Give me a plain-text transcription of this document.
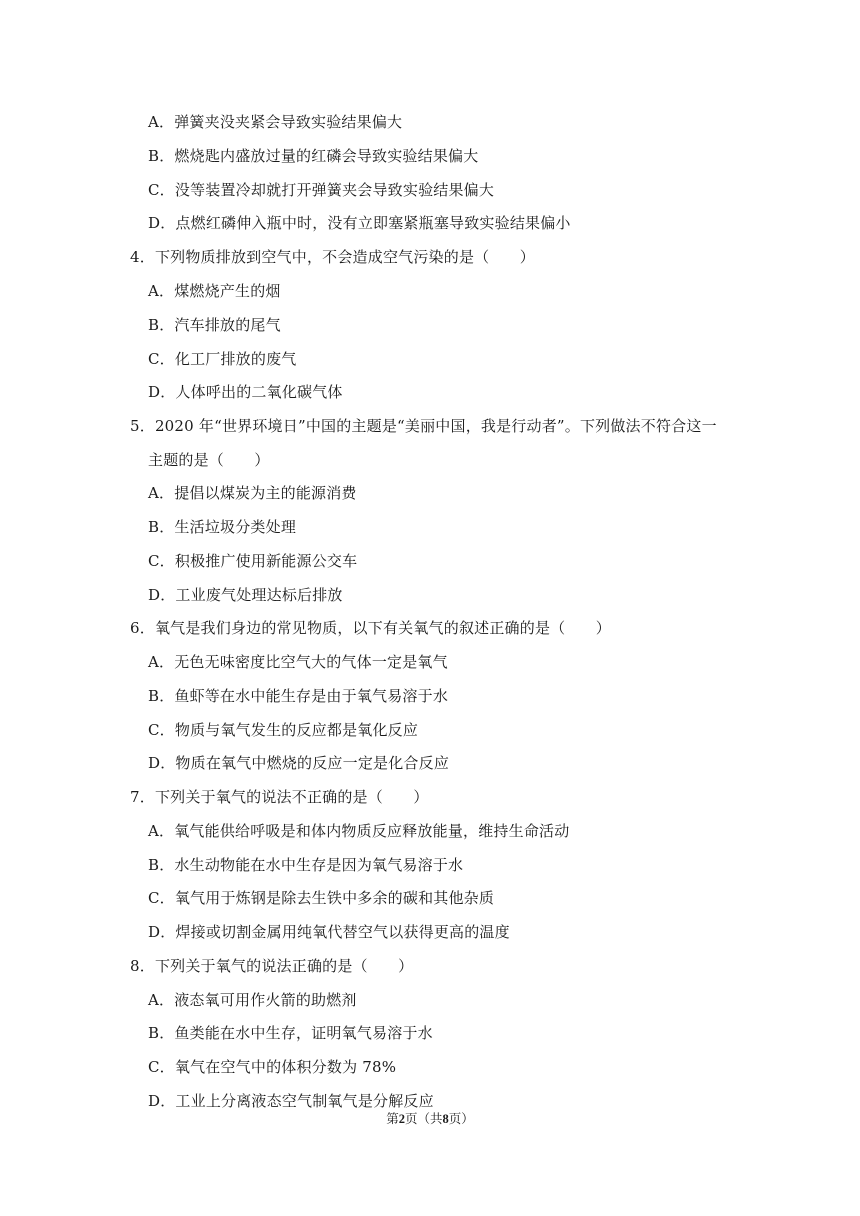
A．弹簧夹没夹紧会导致实验结果偏大
B．燃烧匙内盛放过量的红磷会导致实验结果偏大
C．没等装置冷却就打开弹簧夹会导致实验结果偏大
D．点燃红磷伸入瓶中时，没有立即塞紧瓶塞导致实验结果偏小
4．下列物质排放到空气中，不会造成空气污染的是（　　）
A．煤燃烧产生的烟
B．汽车排放的尾气
C．化工厂排放的废气
D．人体呼出的二氧化碳气体
5．2020 年“世界环境日”中国的主题是“美丽中国，我是行动者”。下列做法不符合这一
主题的是（　　）
A．提倡以煤炭为主的能源消费
B．生活垃圾分类处理
C．积极推广使用新能源公交车
D．工业废气处理达标后排放
6．氧气是我们身边的常见物质，以下有关氧气的叙述正确的是（　　）
A．无色无味密度比空气大的气体一定是氧气
B．鱼虾等在水中能生存是由于氧气易溶于水
C．物质与氧气发生的反应都是氧化反应
D．物质在氧气中燃烧的反应一定是化合反应
7．下列关于氧气的说法不正确的是（　　）
A．氧气能供给呼吸是和体内物质反应释放能量，维持生命活动
B．水生动物能在水中生存是因为氧气易溶于水
C．氧气用于炼钢是除去生铁中多余的碳和其他杂质
D．焊接或切割金属用纯氧代替空气以获得更高的温度
8．下列关于氧气的说法正确的是（　　）
A．液态氧可用作火箭的助燃剂
B．鱼类能在水中生存，证明氧气易溶于水
C．氧气在空气中的体积分数为 78%
D．工业上分离液态空气制氧气是分解反应
第2页（共8页）
